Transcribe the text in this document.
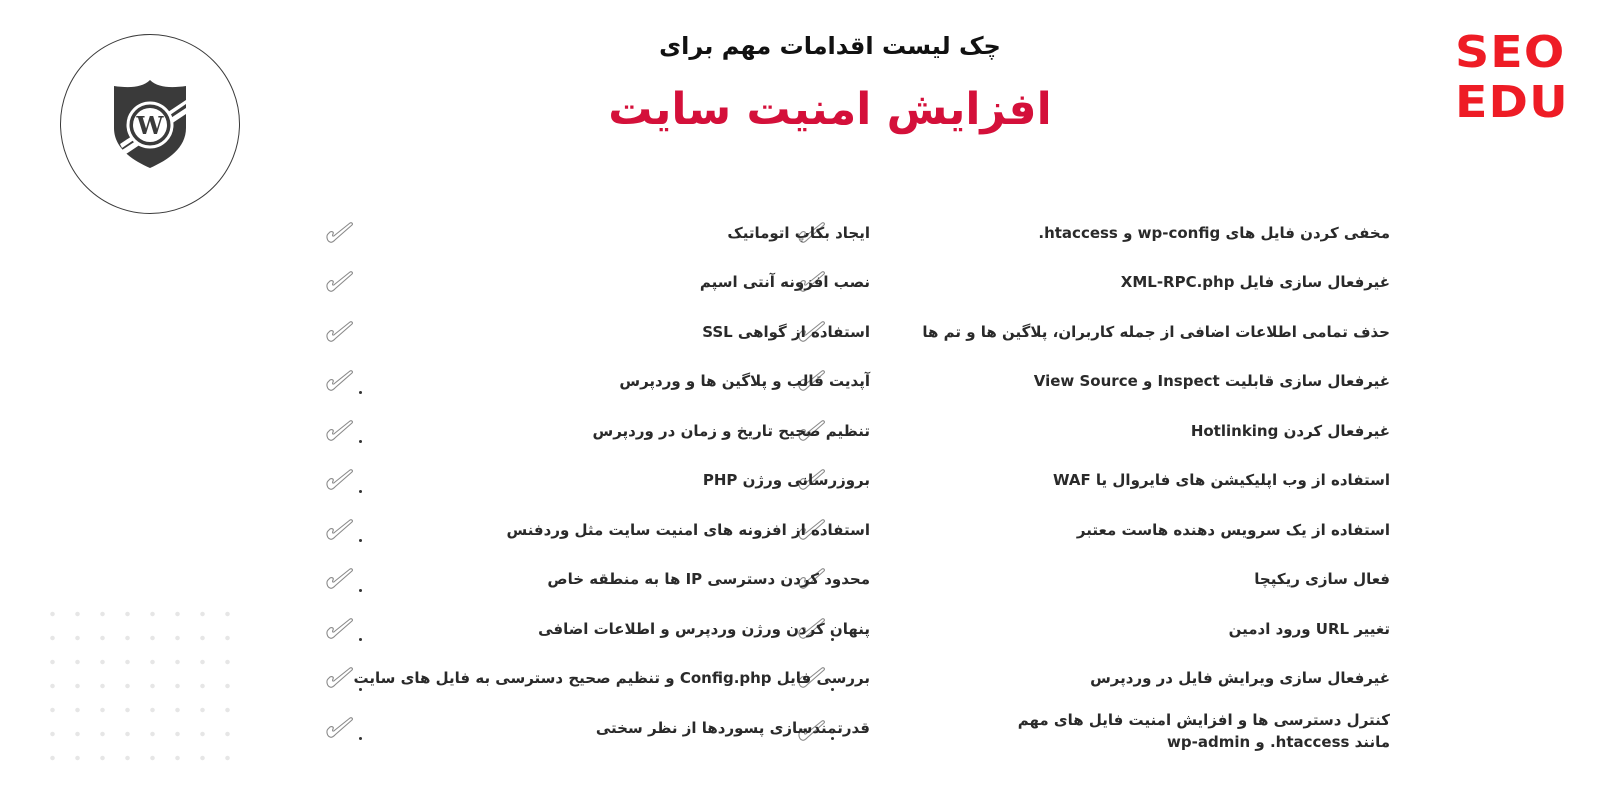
SEO
EDU
W
چک لیست اقدامات مهم برای
افزایش امنیت سایت
مخفی کردن فایل های wp-config و htaccess.
غیرفعال سازی فایل XML-RPC.php
حذف تمامی اطلاعات اضافی از جمله کاربران، پلاگین ها و تم ها
غیرفعال سازی قابلیت Inspect و View Source
غیرفعال کردن Hotlinking
استفاده از وب اپلیکیشن های فایروال یا WAF
استفاده از یک سرویس دهنده هاست معتبر
فعال سازی ریکپچا
تغییر URL ورود ادمین
غیرفعال سازی ویرایش فایل در وردپرس
کنترل دسترسی ها و افزایش امنیت فایل های مهم
مانند htaccess. و wp-admin
ایجاد بکاپ اتوماتیک
نصب افزونه آنتی اسپم
استفاده از گواهی SSL
آپدیت قالب و پلاگین ها و وردپرس
تنظیم صحیح تاریخ و زمان در وردپرس
بروزرسانی ورژن PHP
استفاده از افزونه های امنیت سایت مثل وردفنس
محدود کردن دسترسی IP ها به منطقه خاص
پنهان کردن ورژن وردپرس و اطلاعات اضافی
بررسی فایل Config.php و تنظیم صحیح دسترسی به فایل های سایت
قدرتمندسازی پسوردها از نظر سختی
